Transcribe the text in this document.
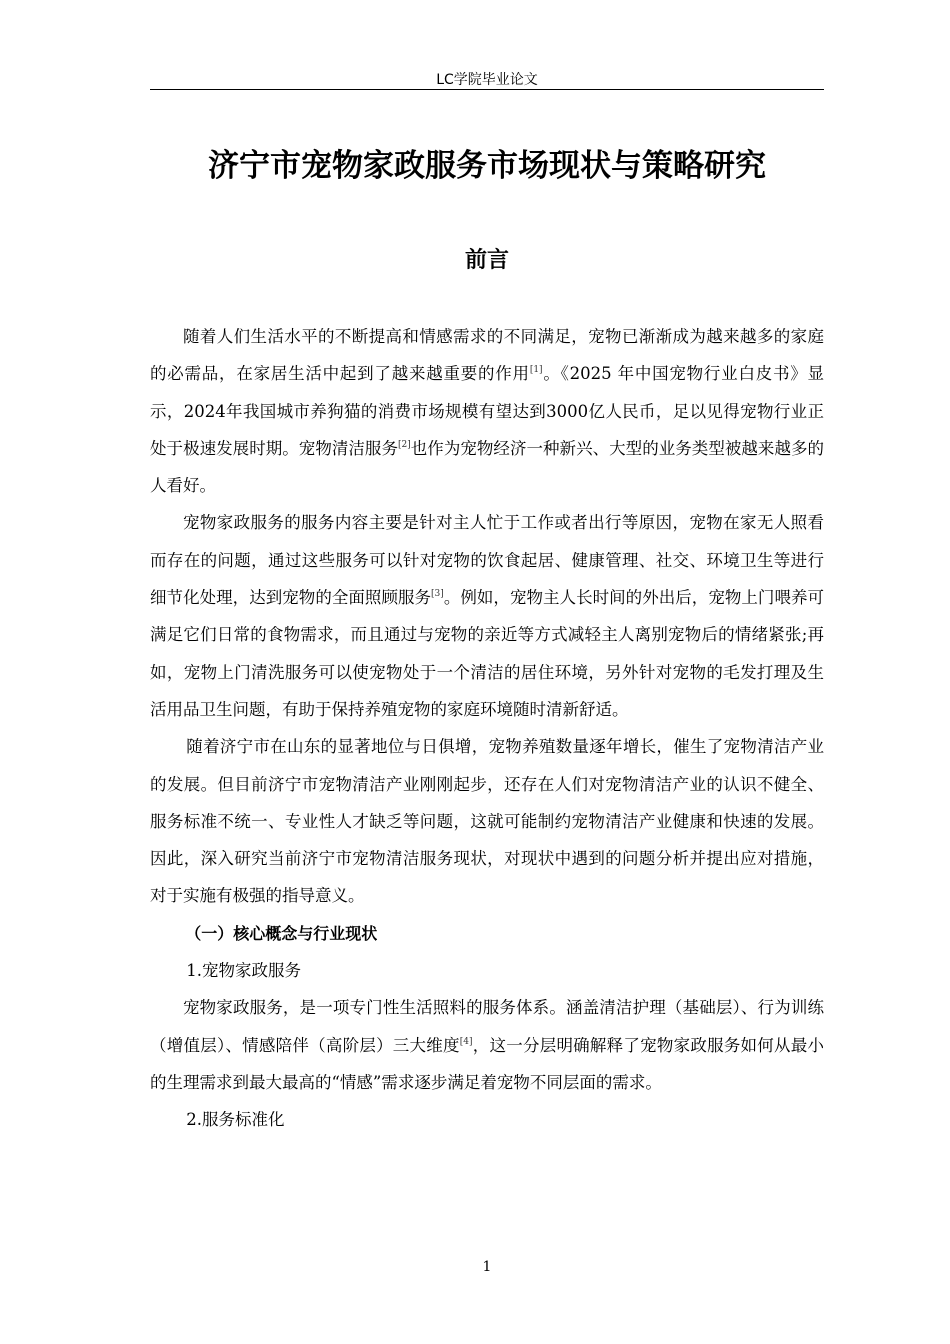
LC学院毕业论文
济宁市宠物家政服务市场现状与策略研究
前言

随着人们生活水平的不断提高和情感需求的不同满足，宠物已渐渐成为越来越多的家庭的必需品，在家居生活中起到了越来越重要的作用[1]。《2025 年中国宠物行业白皮书》显示，2024年我国城市养狗猫的消费市场规模有望达到3000亿人民币，足以见得宠物行业正处于极速发展时期。宠物清洁服务[2]也作为宠物经济一种新兴、大型的业务类型被越来越多的人看好。

宠物家政服务的服务内容主要是针对主人忙于工作或者出行等原因，宠物在家无人照看而存在的问题，通过这些服务可以针对宠物的饮食起居、健康管理、社交、环境卫生等进行细节化处理，达到宠物的全面照顾服务[3]。例如，宠物主人长时间的外出后，宠物上门喂养可满足它们日常的食物需求，而且通过与宠物的亲近等方式减轻主人离别宠物后的情绪紧张;再如，宠物上门清洗服务可以使宠物处于一个清洁的居住环境，另外针对宠物的毛发打理及生活用品卫生问题，有助于保持养殖宠物的家庭环境随时清新舒适。

随着济宁市在山东的显著地位与日俱增，宠物养殖数量逐年增长，催生了宠物清洁产业的发展。但目前济宁市宠物清洁产业刚刚起步，还存在人们对宠物清洁产业的认识不健全、服务标准不统一、专业性人才缺乏等问题，这就可能制约宠物清洁产业健康和快速的发展。因此，深入研究当前济宁市宠物清洁服务现状，对现状中遇到的问题分析并提出应对措施，对于实施有极强的指导意义。

（一）核心概念与行业现状

1.宠物家政服务

宠物家政服务，是一项专门性生活照料的服务体系。涵盖清洁护理（基础层）、行为训练（增值层）、情感陪伴（高阶层）三大维度[4]，这一分层明确解释了宠物家政服务如何从最小的生理需求到最大最高的“情感”需求逐步满足着宠物不同层面的需求。

2.服务标准化

1
